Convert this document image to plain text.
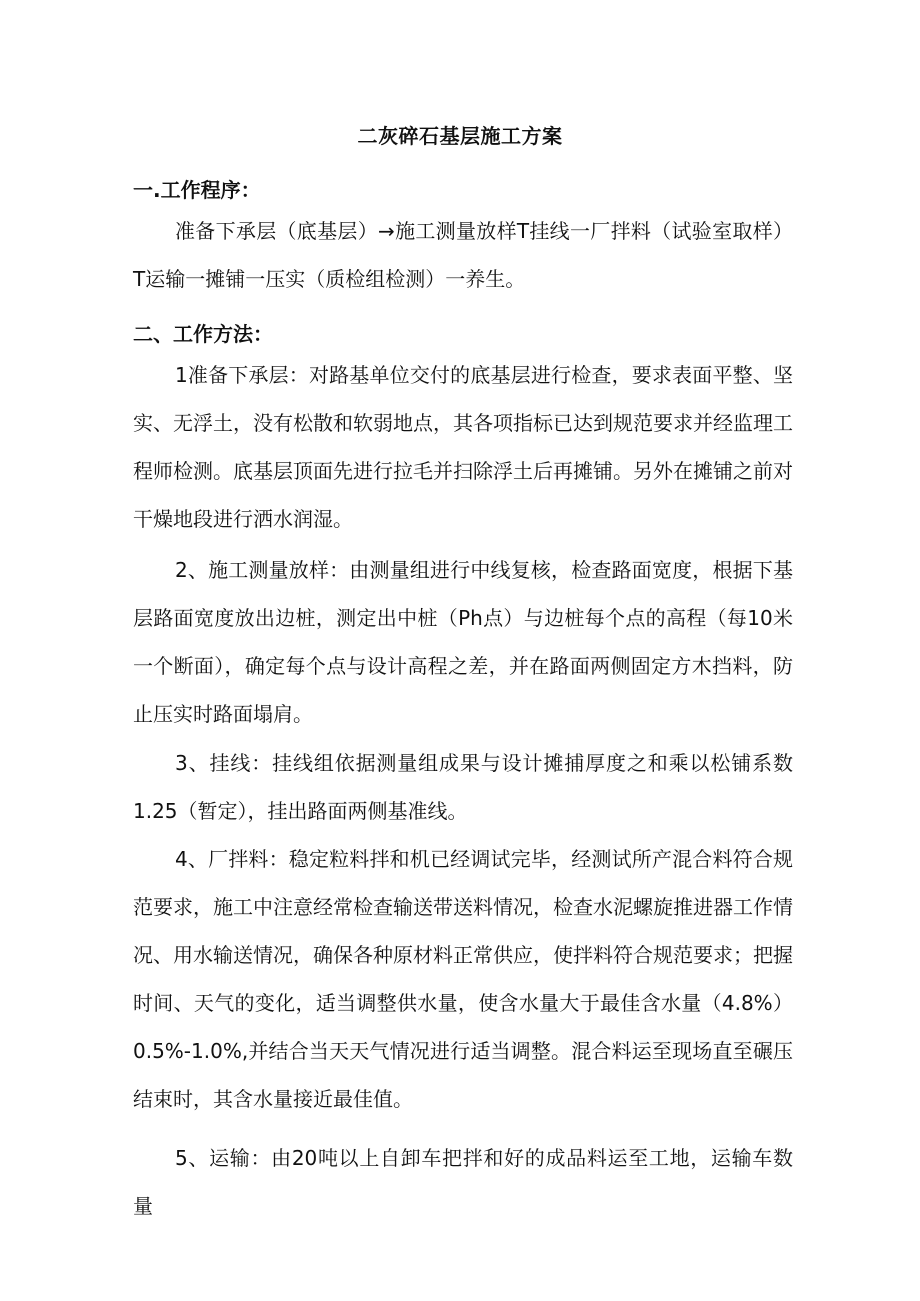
二灰碎石基层施工方案
一.工作程序：

准备下承层（底基层）→施工测量放样T挂线一厂拌料（试验室取样）T运输一摊铺一压实（质检组检测）一养生。

二、工作方法：

1准备下承层：对路基单位交付的底基层进行检查，要求表面平整、坚实、无浮土，没有松散和软弱地点，其各项指标已达到规范要求并经监理工程师检测。底基层顶面先进行拉毛并扫除浮土后再摊铺。另外在摊铺之前对干燥地段进行洒水润湿。

2、施工测量放样：由测量组进行中线复核，检查路面宽度，根据下基层路面宽度放出边桩，测定出中桩（Ph点）与边桩每个点的高程（每10米一个断面），确定每个点与设计高程之差，并在路面两侧固定方木挡料，防止压实时路面塌肩。

3、挂线：挂线组依据测量组成果与设计摊捕厚度之和乘以松铺系数1.25（暂定），挂出路面两侧基准线。

4、厂拌料：稳定粒料拌和机已经调试完毕，经测试所产混合料符合规范要求，施工中注意经常检查输送带送料情况，检查水泥螺旋推进器工作情况、用水输送情况，确保各种原材料正常供应，使拌料符合规范要求；把握时间、天气的变化，适当调整供水量，使含水量大于最佳含水量（4.8%）0.5%-1.0%,并结合当天天气情况进行适当调整。混合料运至现场直至碾压结束时，其含水量接近最佳值。

5、运输：由20吨以上自卸车把拌和好的成品料运至工地，运输车数量
